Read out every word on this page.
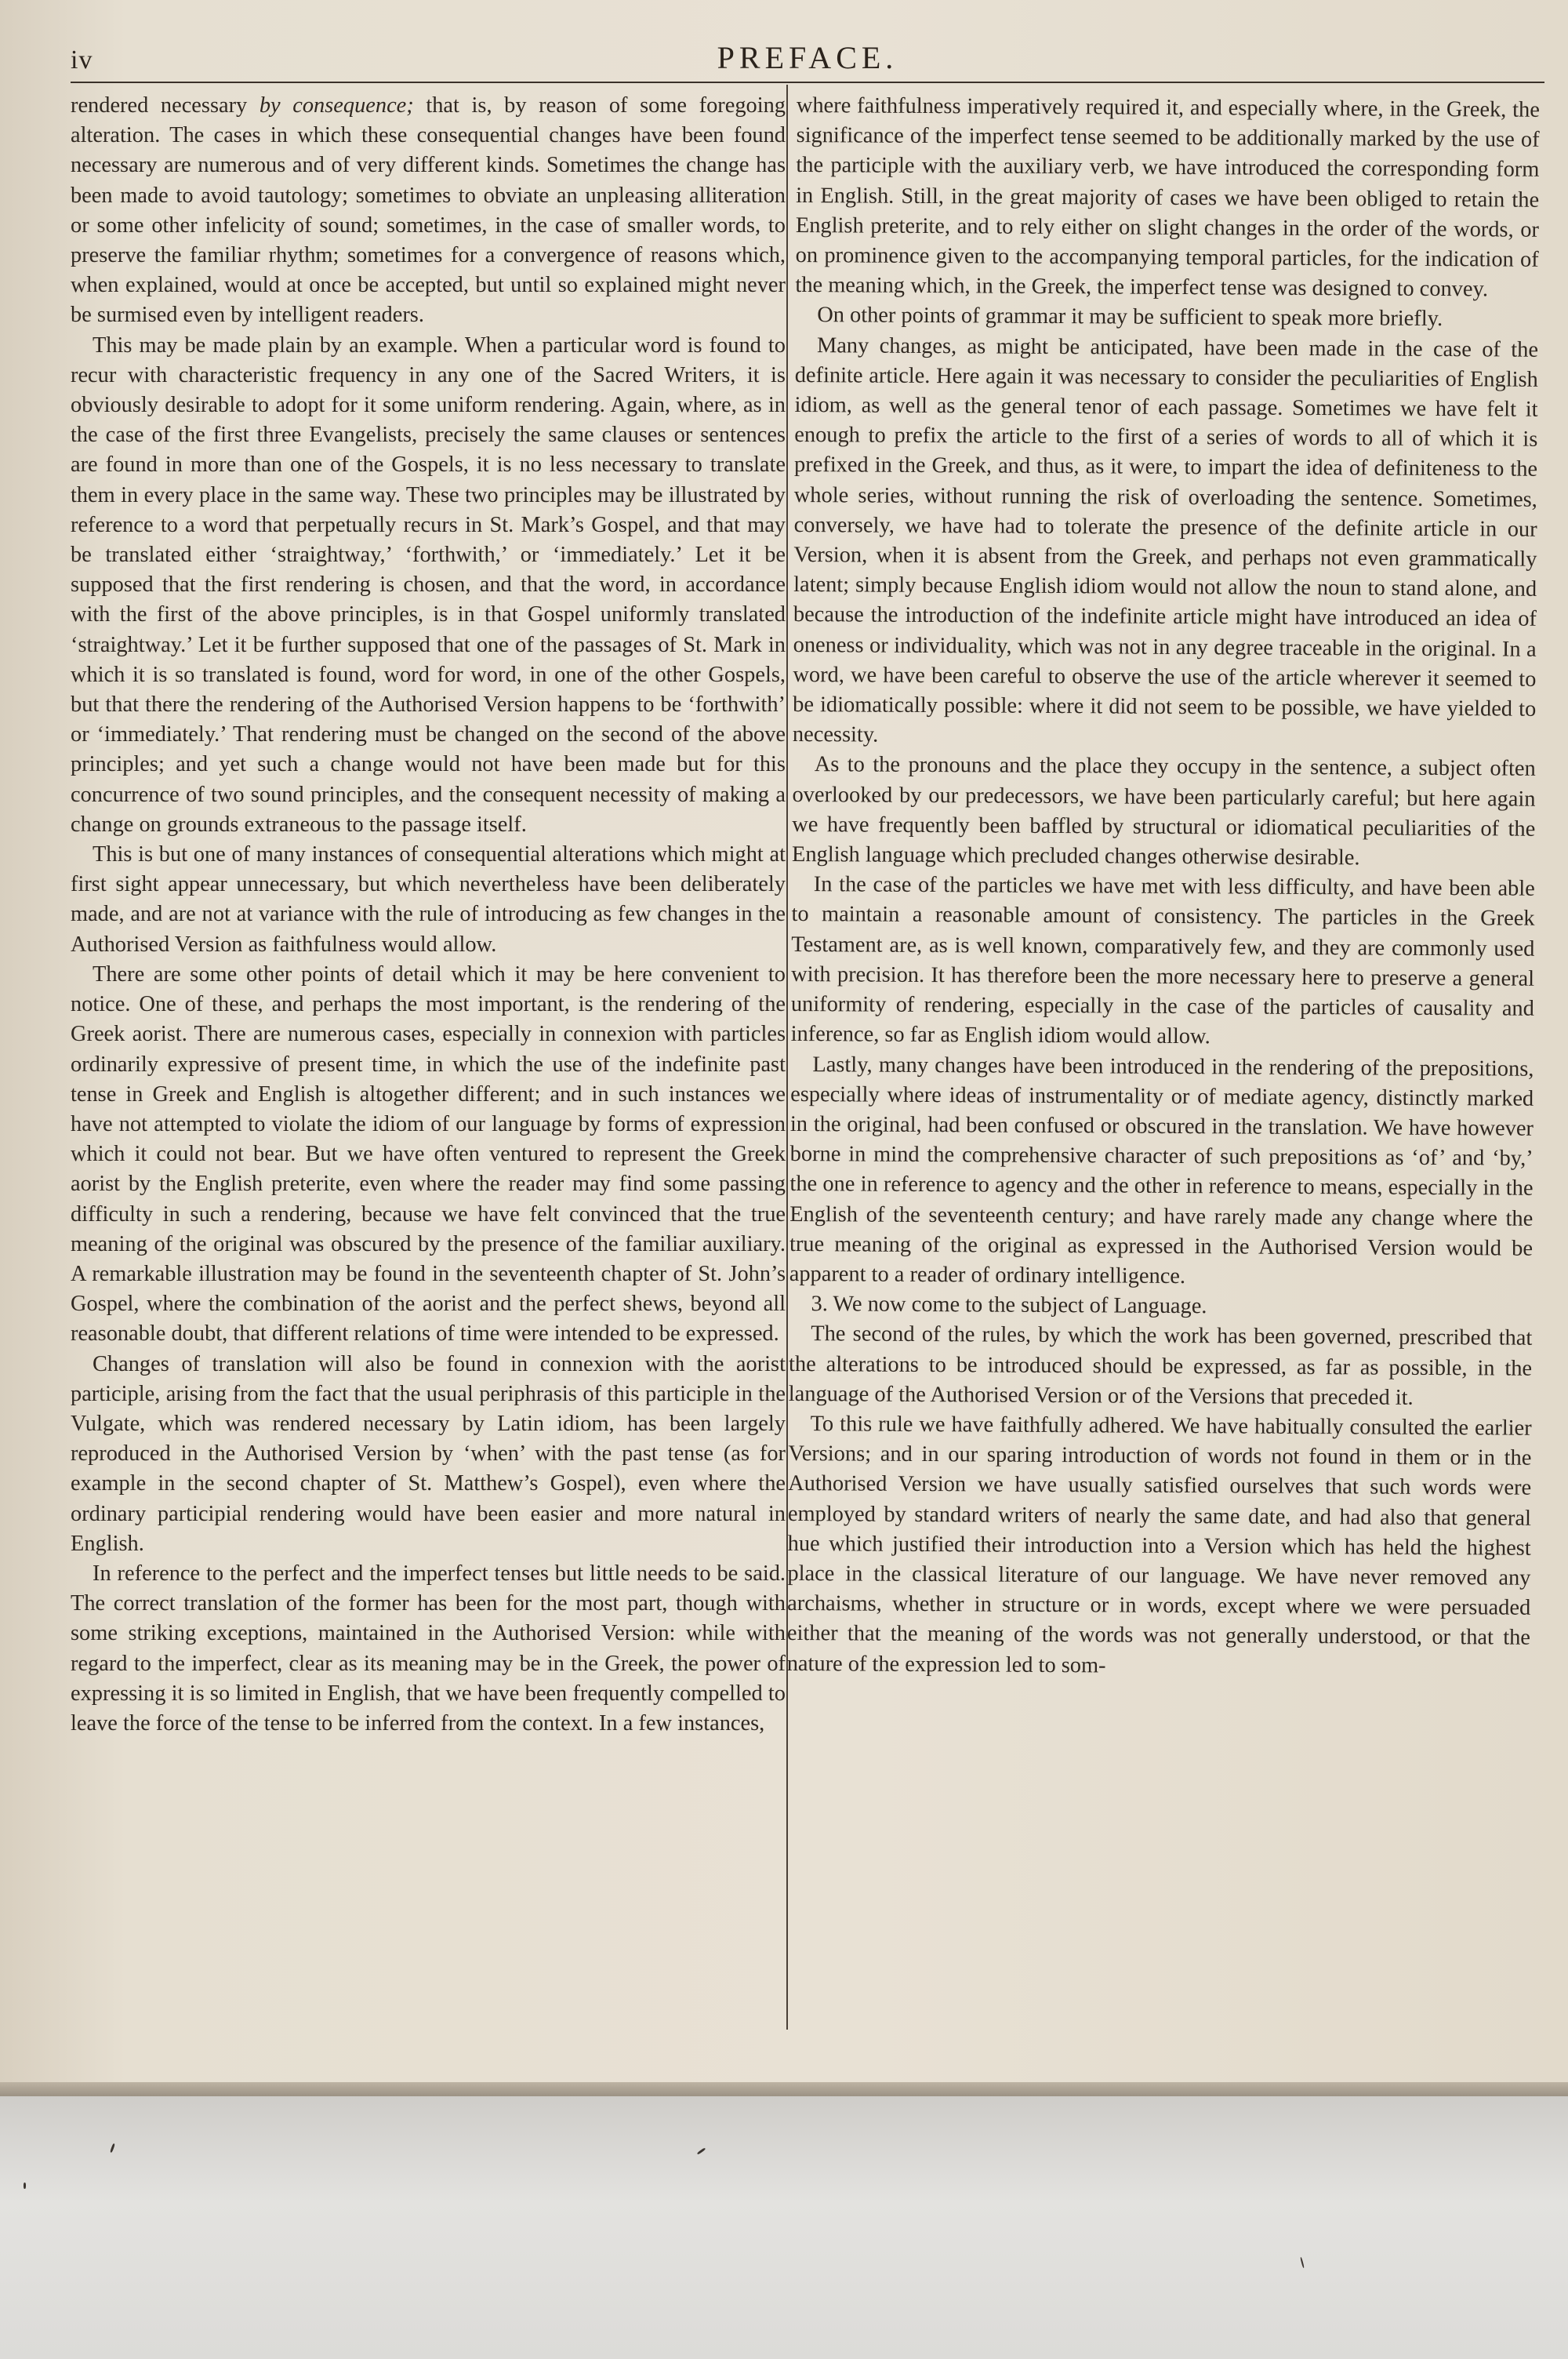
iv	PREFACE.

rendered necessary by consequence; that is, by reason of some foregoing alteration. The cases in which these consequential changes have been found necessary are numerous and of very different kinds. Sometimes the change has been made to avoid tautology; sometimes to obviate an unpleasing alliteration or some other infelicity of sound; sometimes, in the case of smaller words, to preserve the familiar rhythm; sometimes for a convergence of reasons which, when explained, would at once be accepted, but until so explained might never be surmised even by intelligent readers.

This may be made plain by an example. When a particular word is found to recur with characteristic frequency in any one of the Sacred Writers, it is obviously desirable to adopt for it some uniform rendering. Again, where, as in the case of the first three Evangelists, precisely the same clauses or sentences are found in more than one of the Gospels, it is no less necessary to translate them in every place in the same way. These two principles may be illustrated by reference to a word that perpetually recurs in St. Mark’s Gospel, and that may be translated either ‘straightway,’ ‘forthwith,’ or ‘immediately.’ Let it be supposed that the first rendering is chosen, and that the word, in accordance with the first of the above principles, is in that Gospel uniformly translated ‘straightway.’ Let it be further supposed that one of the passages of St. Mark in which it is so translated is found, word for word, in one of the other Gospels, but that there the rendering of the Authorised Version happens to be ‘forthwith’ or ‘immediately.’ That rendering must be changed on the second of the above principles; and yet such a change would not have been made but for this concurrence of two sound principles, and the consequent necessity of making a change on grounds extraneous to the passage itself.

This is but one of many instances of consequential alterations which might at first sight appear unnecessary, but which nevertheless have been deliberately made, and are not at variance with the rule of introducing as few changes in the Authorised Version as faithfulness would allow.

There are some other points of detail which it may be here convenient to notice. One of these, and perhaps the most important, is the rendering of the Greek aorist. There are numerous cases, especially in connexion with particles ordinarily expressive of present time, in which the use of the indefinite past tense in Greek and English is altogether different; and in such instances we have not attempted to violate the idiom of our language by forms of expression which it could not bear. But we have often ventured to represent the Greek aorist by the English preterite, even where the reader may find some passing difficulty in such a rendering, because we have felt convinced that the true meaning of the original was obscured by the presence of the familiar auxiliary. A remarkable illustration may be found in the seventeenth chapter of St. John’s Gospel, where the combination of the aorist and the perfect shews, beyond all reasonable doubt, that different relations of time were intended to be expressed.

Changes of translation will also be found in connexion with the aorist participle, arising from the fact that the usual periphrasis of this participle in the Vulgate, which was rendered necessary by Latin idiom, has been largely reproduced in the Authorised Version by ‘when’ with the past tense (as for example in the second chapter of St. Matthew’s Gospel), even where the ordinary participial rendering would have been easier and more natural in English.

In reference to the perfect and the imperfect tenses but little needs to be said. The correct translation of the former has been for the most part, though with some striking exceptions, maintained in the Authorised Version: while with regard to the imperfect, clear as its meaning may be in the Greek, the power of expressing it is so limited in English, that we have been frequently compelled to leave the force of the tense to be inferred from the context. In a few instances,

where faithfulness imperatively required it, and especially where, in the Greek, the significance of the imperfect tense seemed to be additionally marked by the use of the participle with the auxiliary verb, we have introduced the corresponding form in English. Still, in the great majority of cases we have been obliged to retain the English preterite, and to rely either on slight changes in the order of the words, or on prominence given to the accompanying temporal particles, for the indication of the meaning which, in the Greek, the imperfect tense was designed to convey.

On other points of grammar it may be sufficient to speak more briefly.

Many changes, as might be anticipated, have been made in the case of the definite article. Here again it was necessary to consider the peculiarities of English idiom, as well as the general tenor of each passage. Sometimes we have felt it enough to prefix the article to the first of a series of words to all of which it is prefixed in the Greek, and thus, as it were, to impart the idea of definiteness to the whole series, without running the risk of overloading the sentence. Sometimes, conversely, we have had to tolerate the presence of the definite article in our Version, when it is absent from the Greek, and perhaps not even grammatically latent; simply because English idiom would not allow the noun to stand alone, and because the introduction of the indefinite article might have introduced an idea of oneness or individuality, which was not in any degree traceable in the original. In a word, we have been careful to observe the use of the article wherever it seemed to be idiomatically possible: where it did not seem to be possible, we have yielded to necessity.

As to the pronouns and the place they occupy in the sentence, a subject often overlooked by our predecessors, we have been particularly careful; but here again we have frequently been baffled by structural or idiomatical peculiarities of the English language which precluded changes otherwise desirable.

In the case of the particles we have met with less difficulty, and have been able to maintain a reasonable amount of consistency. The particles in the Greek Testament are, as is well known, comparatively few, and they are commonly used with precision. It has therefore been the more necessary here to preserve a general uniformity of rendering, especially in the case of the particles of causality and inference, so far as English idiom would allow.

Lastly, many changes have been introduced in the rendering of the prepositions, especially where ideas of instrumentality or of mediate agency, distinctly marked in the original, had been confused or obscured in the translation. We have however borne in mind the comprehensive character of such prepositions as ‘of’ and ‘by,’ the one in reference to agency and the other in reference to means, especially in the English of the seventeenth century; and have rarely made any change where the true meaning of the original as expressed in the Authorised Version would be apparent to a reader of ordinary intelligence.

3. We now come to the subject of Language.

The second of the rules, by which the work has been governed, prescribed that the alterations to be introduced should be expressed, as far as possible, in the language of the Authorised Version or of the Versions that preceded it.

To this rule we have faithfully adhered. We have habitually consulted the earlier Versions; and in our sparing introduction of words not found in them or in the Authorised Version we have usually satisfied ourselves that such words were employed by standard writers of nearly the same date, and had also that general hue which justified their introduction into a Version which has held the highest place in the classical literature of our language. We have never removed any archaisms, whether in structure or in words, except where we were persuaded either that the meaning of the words was not generally understood, or that the nature of the expression led to som-
